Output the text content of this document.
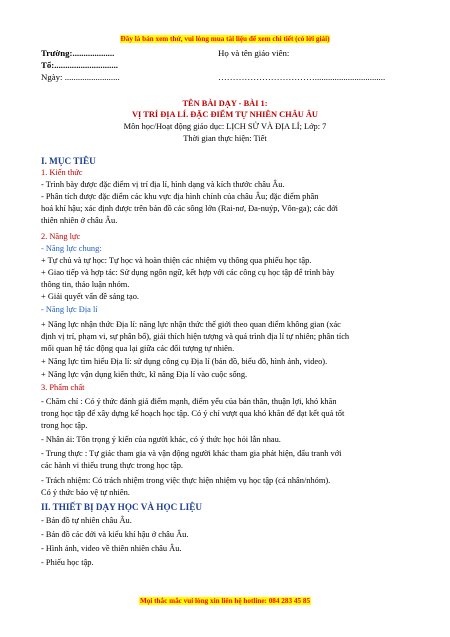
Đây là bản xem thử, vui lòng mua tài liệu để xem chi tiết (có lời giải)
Trường:...................	Họ và tên giáo viên:
Tổ:.............................
Ngày: .........................	……………………………................................
TÊN BÀI DẠY - BÀI 1:
VỊ TRÍ ĐỊA LÍ. ĐẶC ĐIỂM TỰ NHIÊN CHÂU ÂU
Môn học/Hoạt động giáo dục: LỊCH SỬ VÀ ĐỊA LÍ; Lớp: 7
Thời gian thực hiện: Tiết
I. MỤC TIÊU
1. Kiến thức
- Trình bày được đặc điểm vị trí địa lí, hình dạng và kích thước châu Âu.
- Phân tích được đặc điểm các khu vực địa hình chính của châu Âu; đặc điểm phân
hoá khí hậu; xác định được trên bản đồ các sông lớn (Rai-nơ, Đa-nuýp, Vôn-ga); các đới
thiên nhiên ở châu Âu.
2. Năng lực
- Năng lực chung:
+ Tự chủ và tự học: Tự học và hoàn thiện các nhiệm vụ thông qua phiếu học tập.
+ Giao tiếp và hợp tác: Sử dụng ngôn ngữ, kết hợp với các công cụ học tập để trình bày
thông tin, thảo luận nhóm.
+ Giải quyết vấn đề sáng tạo.
- Năng lực Địa lí
+ Năng lực nhận thức Địa lí: năng lực nhận thức thế giới theo quan điểm không gian (xác
định vị trí, phạm vi, sự phân bố), giải thích hiện tượng và quá trình địa lí tự nhiên; phân tích
mối quan hệ tác động qua lại giữa các đối tượng tự nhiên.
+ Năng lực tìm hiểu Địa lí: sử dụng công cụ Địa lí (bản đồ, biểu đồ, hình ảnh, video).
+ Năng lực vận dụng kiến thức, kĩ năng Địa lí vào cuộc sống.
3. Phẩm chất
- Chăm chỉ : Có ý thức đánh giá điểm mạnh, điểm yếu của bản thân, thuận lợi, khó khăn
trong học tập để xây dựng kế hoạch học tập. Có ý chí vượt qua khó khăn để đạt kết quả tốt
trong học tập.
- Nhân ái: Tôn trọng ý kiến của người khác, có ý thức học hỏi lẫn nhau.
- Trung thực : Tự giác tham gia và vận động người khác tham gia phát hiện, đấu tranh với
các hành vi thiếu trung thực trong học tập.
- Trách nhiệm: Có trách nhiệm trong việc thực hiện nhiệm vụ học tập (cá nhân/nhóm).
Có ý thức bảo vệ tự nhiên.
II. THIẾT BỊ DẠY HỌC VÀ HỌC LIỆU
- Bản đồ tự nhiên châu Âu.
- Bản đồ các đới và kiểu khí hậu ở châu Âu.
- Hình ảnh, video về thiên nhiên châu Âu.
- Phiếu học tập.
Mọi thắc mắc vui lòng xin liên hệ hotline: 084 283 45 85
